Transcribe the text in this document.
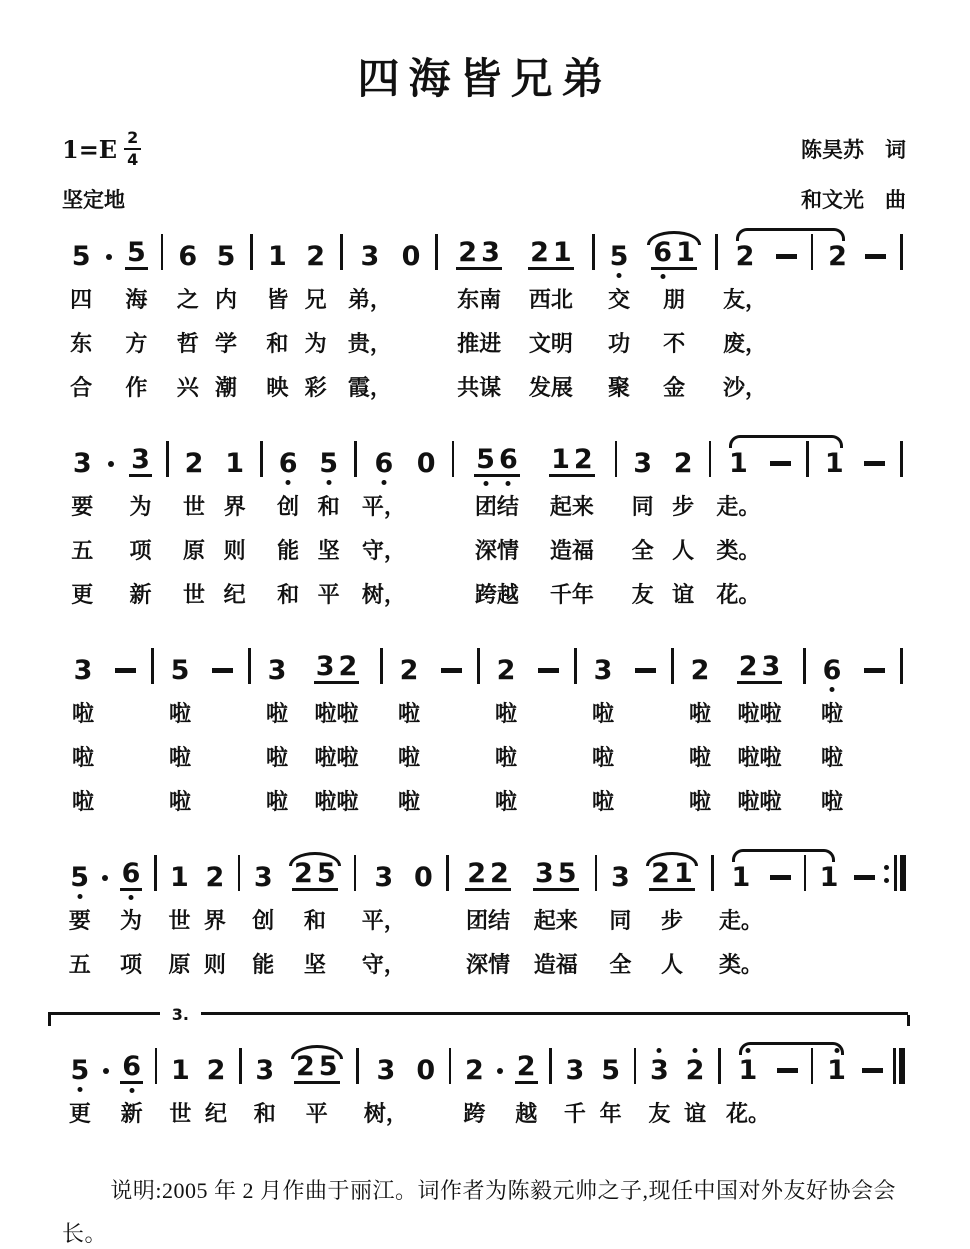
四海皆兄弟
$1=E \frac{2}{4}$
坚定地
陈昊苏　词
和文光　曲
5
四
东
合
5
海
方
作
6
之
哲
兴
5
内
学
潮
1
皆
和
映
2
兄
为
彩
3
弟，
贵，
霞，
0 2 3
东南
推进
共谋
2 1
西北
文明
发展
5
交
功
聚
6 1
朋
不
金
2
友，
废，
沙，
2
3
要
五
更
3
为
项
新
2
世
原
世
1
界
则
纪
6
创
能
和
5
和
坚
平
6
平，
守，
树，
0 5 6
团结
深情
跨越
1 2
起来
造福
千年
3
同
全
友
2
步
人
谊
1
走。
类。
花。
1
3
啦
啦
啦
5
啦
啦
啦
3
啦
啦
啦
3 2
啦啦
啦啦
啦啦
2
啦
啦
啦
2
啦
啦
啦
3
啦
啦
啦
2
啦
啦
啦
2 3
啦啦
啦啦
啦啦
6
啦
啦
啦
5
要
五
6
为
项
1
世
原
2
界
则
3
创
能
2 5
和
坚
3
平，
守，
0 2 2
团结
深情
3 5
起来
造福
3
同
全
2 1
步
人
1
走。
类。
1
3.
5
更
6
新
1
世
2
纪
3
和
2 5
平
3
树，
0 2
跨
2
越
3
千
5
年
3
友
2
谊
1
花。
1
说明:2005 年 2 月作曲于丽江。词作者为陈毅元帅之子,现任中国对外友好协会会长。
